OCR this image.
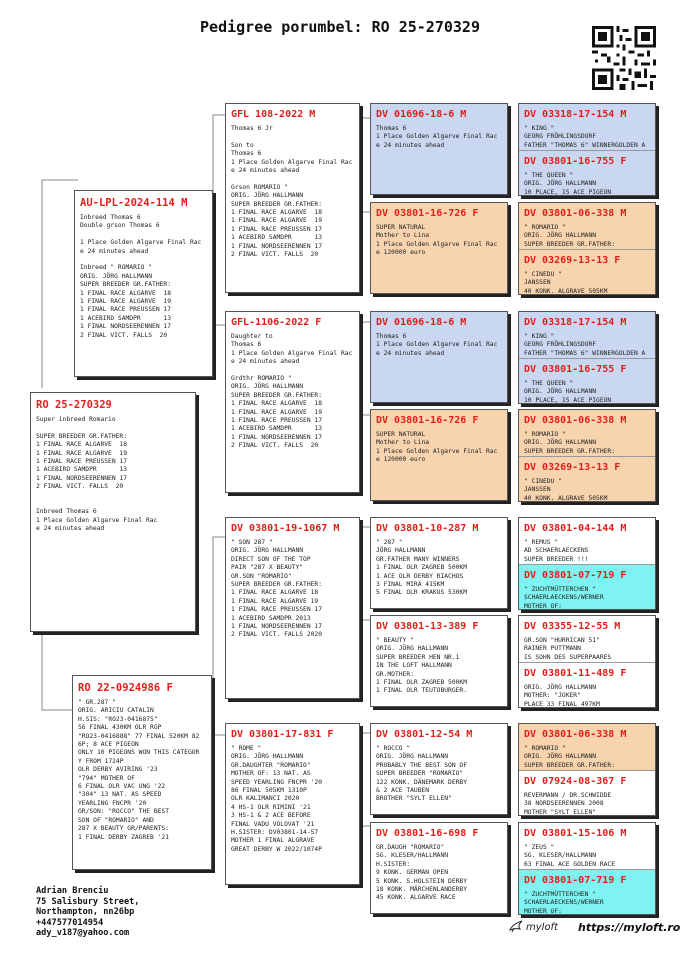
Pedigree porumbel: RO 25-270329
RO 25-270329
Super inbreed Romario

SUPER BREEDER GR.FATHER:
1 FINAL RACE ALGARVE  18
1 FINAL RACE ALGARVE  19
1 FINAL RACE PREUSSEN 17
1 ACEBIRD SAMDPR      13
1 FINAL NORDSEERENNEN 17
2 FINAL VICT. FALLS  20

Inbreed Thomas 6
1 Place Golden Algarve Final Rac
e 24 minutes ahead
AU-LPL-2024-114 M
Inbreed Thomas 6
Double grson Thomas 6

1 Place Golden Algarve Final Rac
e 24 minutes ahead

Inbreed " ROMARIO "
ORIG. JÖRG HALLMANN
SUPER BREEDER GR.FATHER:
1 FINAL RACE ALGARVE  18
1 FINAL RACE ALGARVE  19
1 FINAL RACE PREUSSEN 17
1 ACEBIRD SAMDPR      13
1 FINAL NORDSEERENNEN 17
2 FINAL VICT. FALLS  20
RO 22-0924986 F
" GR.287 "
ORIG. ARICIU CATALIN
H.SIS: "RO23-0416875"
56 FINAL 430KM OLR RGP
"RO23-0416888" 77 FINAL 520KM 82
6P; 8 ACE PIGEON
ONLY 10 PIGEONS WON THIS CATEGOR
Y FROM 1724P
OLR DERBY AVIRING '23
"794" MOTHER OF
6 FINAL OLR VAC UNG '22
"304" 13 NAT. AS SPEED
YEARLING FNCPR '20
GR/SON: "ROCCO" THE BEST
SON OF "ROMARIO" AND
287 X BEAUTY GR/PARENTS:
1 FINAL DERBY ZAGREB '21
GFL 108-2022 M
Thomas 6 Jr

Son to
Thomas 6
1 Place Golden Algarve Final Rac
e 24 minutes ahead

Grson ROMARIO "
ORIG. JÖRG HALLMANN
SUPER BREEDER GR.FATHER:
1 FINAL RACE ALGARVE  18
1 FINAL RACE ALGARVE  19
1 FINAL RACE PREUSSEN 17
1 ACEBIRD SAMDPR      13
1 FINAL NORDSEERENNEN 17
2 FINAL VICT. FALLS  20
GFL-1106-2022 F
Daughter to
Thomas 6
1 Place Golden Algarve Final Rac
e 24 minutes ahead

Grdthr ROMARIO "
ORIG. JÖRG HALLMANN
SUPER BREEDER GR.FATHER:
1 FINAL RACE ALGARVE  18
1 FINAL RACE ALGARVE  19
1 FINAL RACE PREUSSEN 17
1 ACEBIRD SAMDPR      13
1 FINAL NORDSEERENNEN 17
2 FINAL VICT. FALLS  20
DV 03801-19-1067 M
" SON 287 "
ORIG. JÖRG HALLMANN
DIRECT SON OF THE TOP
PAIR "287 X BEAUTY"
GR.SON "ROMARIO"
SUPER BREEDER GR.FATHER:
1 FINAL RACE ALGARVE 18
1 FINAL RACE ALGARVE 19
1 FINAL RACE PREUSSEN 17
1 ACEBIRD SAMDPR 2013
1 FINAL NORDSEERENNEN 17
2 FINAL VICT. FALLS 2020
DV 03801-17-831 F
" ROME "
ORIG. JÖRG HALLMANN
GR.DAUGHTER "ROMARIO"
MOTHER OF: 13 NAT. AS
SPEED YEARLING FNCPR '20
86 FINAL 505KM 1310P
OLR KALIMANCI 2020
4 HS-1 OLR RIMINI '21
3 HS-1 & 2 ACE BEFORE
FINAL VADU VOLOVAT '21
H.SISTER: DV03801-14-57
MOTHER 1 FINAL ALGRAVE
GREAT DERBY W 2022/1074P
DV 01696-18-6 M
Thomas 6
1 Place Golden Algarve Final Rac
e 24 minutes ahead
DV 03801-16-726 F
SUPER NATURAL
Mother to Lina
1 Place Golden Algarve Final Rac
e 120000 euro
DV 01696-18-6 M
Thomas 6
1 Place Golden Algarve Final Rac
e 24 minutes ahead
DV 03801-16-726 F
SUPER NATURAL
Mother to Lina
1 Place Golden Algarve Final Rac
e 120000 euro
DV 03801-10-287 M
" 287 "
JÖRG HALLMANN
GR.FATHER MANY WINNERS
1 FINAL OLR ZAGREB 500KM
1 ACE OLR DERBY RIACHOS
3 FINAL MIRA 415KM
5 FINAL OLR KRAKUS 530KM
DV 03801-13-389 F
" BEAUTY "
ORIG. JÖRG HALLMANN
SUPER BREEDER HEN NR.1
IN THE LOFT HALLMANN
GR.MOTHER:
1 FINAL OLR ZAGREB 500KM
1 FINAL OLR TEUTOBURGER.
DV 03801-12-54 M
" ROCCO "
ORIG. JÖRG HALLMANN
PROBABLY THE BEST SON OF
SUPER BREEDER "ROMARIO"
122 KONK. DÄNEMARK DERBY
& 2 ACE TAUBEN
BROTHER "SYLT ELLEN"
DV 03801-16-698 F
GR.DAUGH "ROMARIO"
SG. KLESER/HALLMANN
H.SISTER:
9 KONK. GERMAN OPEN
5 KONK. S.HOLSTEIN DERBY
18 KONK. MÄRCHENLANDERBY
45 KONK. ALGARVE RACE
DV 03318-17-154 M
" KING "
GEORG FRÖHLINGSDORF
FATHER "THOMAS 6" WINNERGOLDEN A
DV 03801-16-755 F
" THE QUEEN "
ORIG. JÖRG HALLMANN
10 PLACE, 15 ACE PIGEON
DV 03801-06-338 M
" ROMARIO "
ORIG. JÖRG HALLMANN
SUPER BREEDER GR.FATHER:
DV 03269-13-13 F
" CINEDU "
JANSSEN
40 KONK. ALGRAVE 505KM
DV 03318-17-154 M
" KING "
GEORG FRÖHLINGSDORF
FATHER "THOMAS 6" WINNERGOLDEN A
DV 03801-16-755 F
" THE QUEEN "
ORIG. JÖRG HALLMANN
10 PLACE, 15 ACE PIGEON
DV 03801-06-338 M
" ROMARIO "
ORIG. JÖRG HALLMANN
SUPER BREEDER GR.FATHER:
DV 03269-13-13 F
" CINEDU "
JANSSEN
40 KONK. ALGRAVE 505KM
DV 03801-04-144 M
" REMUS "
AD SCHAERLAECKENS
SUPER BREEDER !!!
DV 03801-07-719 F
" ZUCHTMÜTTERCHEN "
SCHAERLAECKENS/WERNER
MOTHER OF:
DV 03355-12-55 M
GR.SON "HURRICAN 51"
RAINER PUTTMANN
IS SOHN DES SUPERPAARES
DV 03801-11-489 F
ORIG. JÖRG HALLMANN
MOTHER: "JOKER"
PLACE 33 FINAL 497KM
DV 03801-06-338 M
" ROMARIO "
ORIG. JÖRG HALLMANN
SUPER BREEDER GR.FATHER:
DV 07924-08-367 F
REVERMANN / DR.SCHWIDDE
38 NORDSEERENNEN 2008
MOTHER "SYLT ELLEN"
DV 03801-15-106 M
" ZEUS "
SG. KLESER/HALLMANN
63 FINAL ACE GOLDEN RACE
DV 03801-07-719 F
" ZUCHTMÜTTERCHEN "
SCHAERLAECKENS/WERNER
MOTHER OF:
Adrian Brenciu
75 Salisbury Street,
Northampton, nn26bp
+447577014954
ady_v187@yahoo.com
myloft https://myloft.ro
